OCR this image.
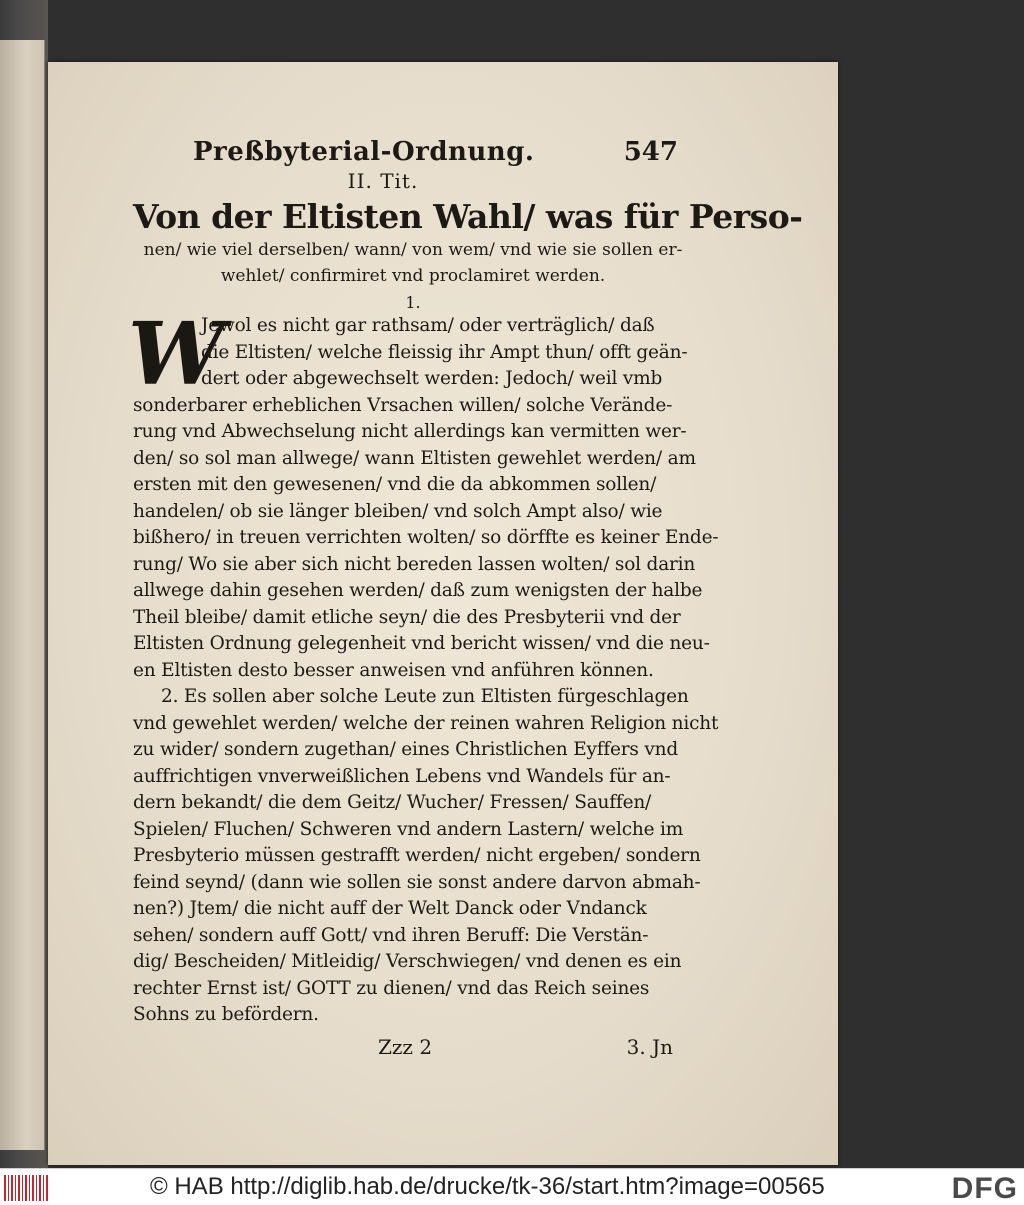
Preßbyterial-Ordnung.	547
II. Tit.
Von der Eltisten Wahl/ was für Perso-
nen/ wie viel derselben/ wann/ von wem/ vnd wie sie sollen er-
wehlet/ confirmiret vnd proclamiret werden.
1.
W
Jewol es nicht gar rathsam/ oder verträglich/ daß
die Eltisten/ welche fleissig ihr Ampt thun/ offt geän-
dert oder abgewechselt werden: Jedoch/ weil vmb
sonderbarer erheblichen Vrsachen willen/ solche Verände-
rung vnd Abwechselung nicht allerdings kan vermitten wer-
den/ so sol man allwege/ wann Eltisten gewehlet werden/ am
ersten mit den gewesenen/ vnd die da abkommen sollen/
handelen/ ob sie länger bleiben/ vnd solch Ampt also/ wie
bißhero/ in treuen verrichten wolten/ so dörffte es keiner Ende-
rung/ Wo sie aber sich nicht bereden lassen wolten/ sol darin
allwege dahin gesehen werden/ daß zum wenigsten der halbe
Theil bleibe/ damit etliche seyn/ die des Presbyterii vnd der
Eltisten Ordnung gelegenheit vnd bericht wissen/ vnd die neu-
en Eltisten desto besser anweisen vnd anführen können.
2. Es sollen aber solche Leute zun Eltisten fürgeschlagen
vnd gewehlet werden/ welche der reinen wahren Religion nicht
zu wider/ sondern zugethan/ eines Christlichen Eyffers vnd
auffrichtigen vnverweißlichen Lebens vnd Wandels für an-
dern bekandt/ die dem Geitz/ Wucher/ Fressen/ Sauffen/
Spielen/ Fluchen/ Schweren vnd andern Lastern/ welche im
Presbyterio müssen gestrafft werden/ nicht ergeben/ sondern
feind seynd/ (dann wie sollen sie sonst andere darvon abmah-
nen?) Jtem/ die nicht auff der Welt Danck oder Vndanck
sehen/ sondern auff Gott/ vnd ihren Beruff: Die Verstän-
dig/ Bescheiden/ Mitleidig/ Verschwiegen/ vnd denen es ein
rechter Ernst ist/ GOTT zu dienen/ vnd das Reich seines
Sohns zu befördern.
Zzz 2	3. Jn
© HAB http://diglib.hab.de/drucke/tk-36/start.htm?image=00565	DFG
